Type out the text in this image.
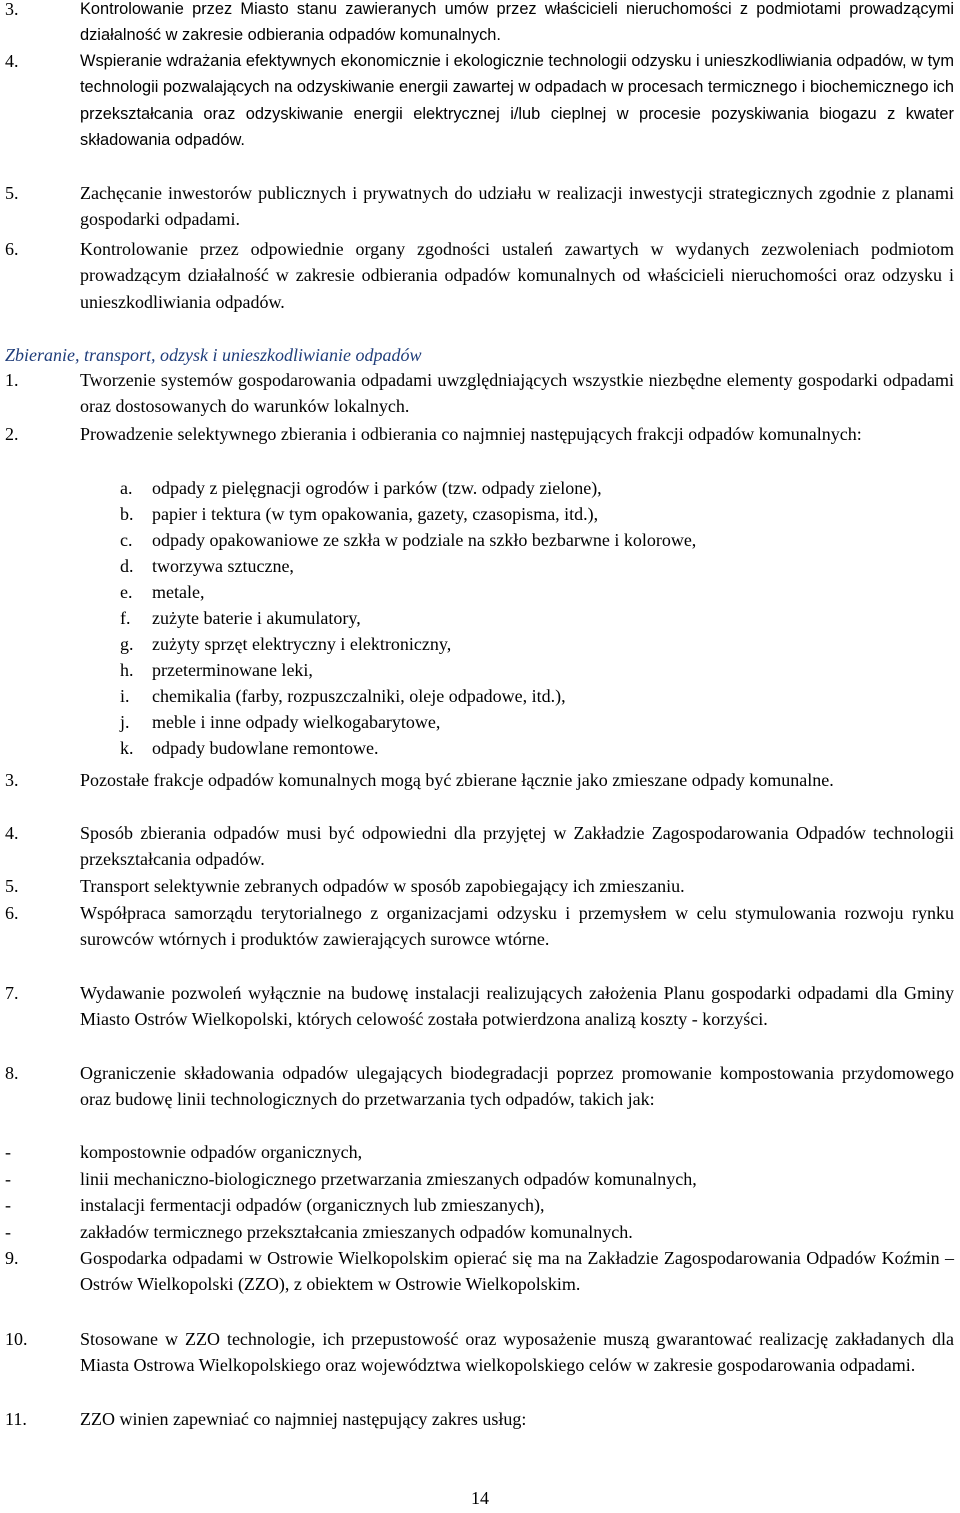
3.	Kontrolowanie przez Miasto stanu zawieranych umów przez właścicieli nieruchomości z podmiotami prowadzącymi działalność w zakresie odbierania odpadów komunalnych.
4.	Wspieranie wdrażania efektywnych ekonomicznie i ekologicznie technologii odzysku i unieszkodliwiania odpadów, w tym technologii pozwalających na odzyskiwanie energii zawartej w odpadach w procesach termicznego i biochemicznego ich przekształcania oraz odzyskiwanie energii elektrycznej i/lub cieplnej w procesie pozyskiwania biogazu z kwater składowania odpadów.
5.	Zachęcanie inwestorów publicznych i prywatnych do udziału w realizacji inwestycji strategicznych zgodnie z planami gospodarki odpadami.
6.	Kontrolowanie przez odpowiednie organy zgodności ustaleń zawartych w wydanych zezwoleniach podmiotom prowadzącym działalność w zakresie odbierania odpadów komunalnych od właścicieli nieruchomości oraz odzysku i unieszkodliwiania odpadów.
Zbieranie, transport, odzysk i unieszkodliwianie odpadów
1.	Tworzenie systemów gospodarowania odpadami uwzględniających wszystkie niezbędne elementy gospodarki odpadami oraz dostosowanych do warunków lokalnych.
2.	Prowadzenie selektywnego zbierania i odbierania co najmniej następujących frakcji odpadów komunalnych:
a. odpady z pielęgnacji ogrodów i parków (tzw. odpady zielone),
b. papier i tektura (w tym opakowania, gazety, czasopisma, itd.),
c. odpady opakowaniowe ze szkła w podziale na szkło bezbarwne i kolorowe,
d. tworzywa sztuczne,
e. metale,
f. zużyte baterie i akumulatory,
g. zużyty sprzęt elektryczny i elektroniczny,
h. przeterminowane leki,
i. chemikalia (farby, rozpuszczalniki, oleje odpadowe, itd.),
j. meble i inne odpady wielkogabarytowe,
k. odpady budowlane remontowe.
3.	Pozostałe frakcje odpadów komunalnych mogą być zbierane łącznie jako zmieszane odpady komunalne.
4.	Sposób zbierania odpadów musi być odpowiedni dla przyjętej w Zakładzie Zagospodarowania Odpadów technologii przekształcania odpadów.
5.	Transport selektywnie zebranych odpadów w sposób zapobiegający ich zmieszaniu.
6.	Współpraca samorządu terytorialnego z organizacjami odzysku i przemysłem w celu stymulowania rozwoju rynku surowców wtórnych i produktów zawierających surowce wtórne.
7.	Wydawanie pozwoleń wyłącznie na budowę instalacji realizujących założenia Planu gospodarki odpadami dla Gminy Miasto Ostrów Wielkopolski, których celowość została potwierdzona analizą koszty - korzyści.
8.	Ograniczenie składowania odpadów ulegających biodegradacji poprzez promowanie kompostowania przydomowego oraz budowę linii technologicznych do przetwarzania tych odpadów, takich jak:
-	kompostownie odpadów organicznych,
-	linii mechaniczno-biologicznego przetwarzania zmieszanych odpadów komunalnych,
-	instalacji fermentacji odpadów (organicznych lub zmieszanych),
-	zakładów termicznego przekształcania zmieszanych odpadów komunalnych.
9.	Gospodarka odpadami w Ostrowie Wielkopolskim opierać się ma na Zakładzie Zagospodarowania Odpadów Koźmin – Ostrów Wielkopolski (ZZO), z obiektem w Ostrowie Wielkopolskim.
10.	Stosowane w ZZO technologie, ich przepustowość oraz wyposażenie muszą gwarantować realizację zakładanych dla Miasta Ostrowa Wielkopolskiego oraz województwa wielkopolskiego celów w zakresie gospodarowania odpadami.
11.	ZZO winien zapewniać co najmniej następujący zakres usług:
14
